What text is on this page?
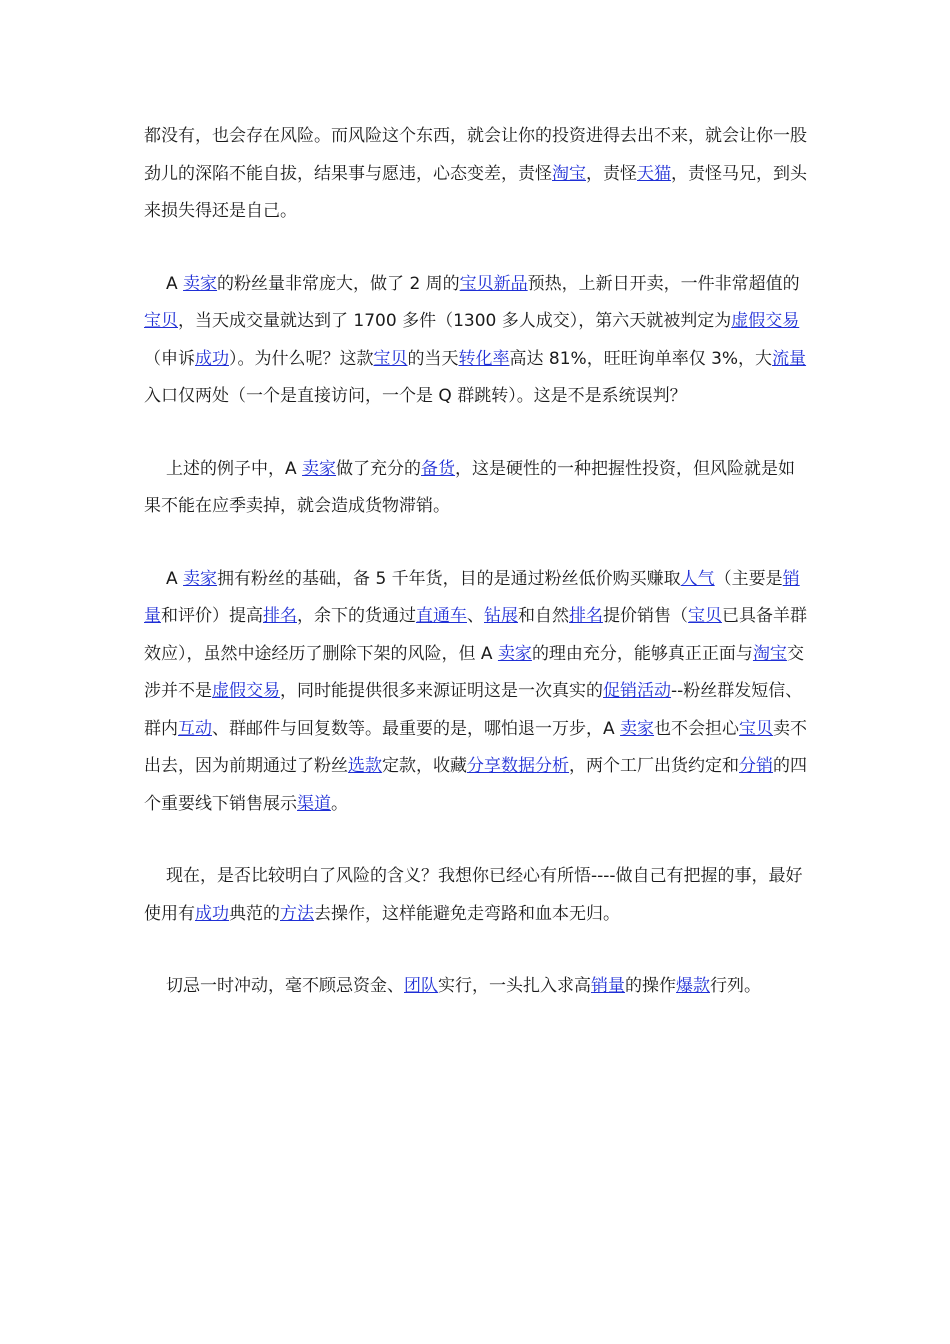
都没有，也会存在风险。而风险这个东西，就会让你的投资进得去出不来，就会让你一股劲儿的深陷不能自拔，结果事与愿违，心态变差，责怪淘宝，责怪天猫，责怪马兄，到头来损失得还是自己。

A 卖家的粉丝量非常庞大，做了 2 周的宝贝新品预热，上新日开卖，一件非常超值的宝贝，当天成交量就达到了 1700 多件（1300 多人成交），第六天就被判定为虚假交易（申诉成功）。为什么呢？这款宝贝的当天转化率高达 81%，旺旺询单率仅 3%，大流量入口仅两处（一个是直接访问，一个是 Q 群跳转）。这是不是系统误判？

上述的例子中，A 卖家做了充分的备货，这是硬性的一种把握性投资，但风险就是如果不能在应季卖掉，就会造成货物滞销。

A 卖家拥有粉丝的基础，备 5 千年货，目的是通过粉丝低价购买赚取人气（主要是销量和评价）提高排名，余下的货通过直通车、钻展和自然排名提价销售（宝贝已具备羊群效应），虽然中途经历了删除下架的风险，但 A 卖家的理由充分，能够真正正面与淘宝交涉并不是虚假交易，同时能提供很多来源证明这是一次真实的促销活动--粉丝群发短信、群内互动、群邮件与回复数等。最重要的是，哪怕退一万步，A 卖家也不会担心宝贝卖不出去，因为前期通过了粉丝选款定款，收藏分享数据分析，两个工厂出货约定和分销的四个重要线下销售展示渠道。

现在，是否比较明白了风险的含义？我想你已经心有所悟----做自己有把握的事，最好使用有成功典范的方法去操作，这样能避免走弯路和血本无归。

切忌一时冲动，毫不顾忌资金、团队实行，一头扎入求高销量的操作爆款行列。
